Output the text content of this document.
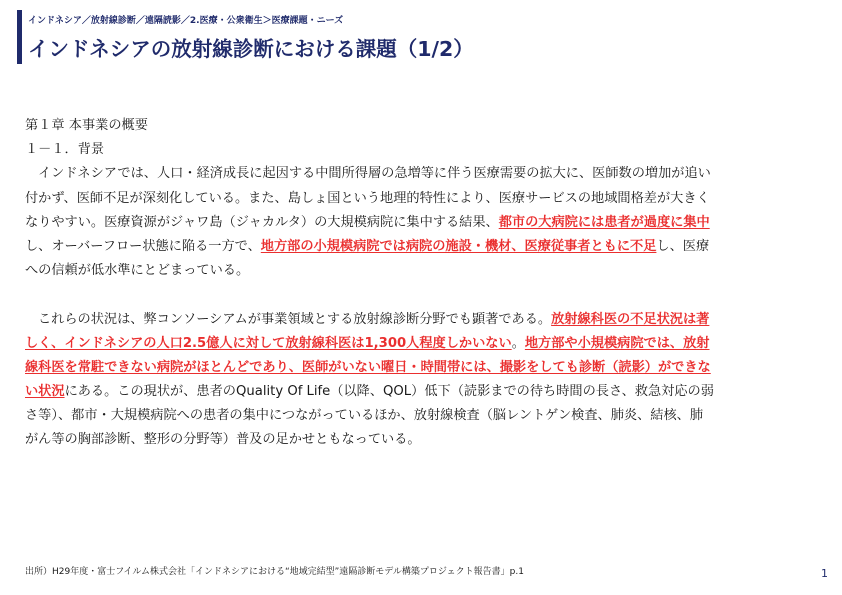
インドネシア／放射線診断／遠隔読影／2.医療・公衆衛生＞医療課題・ニーズ
インドネシアの放射線診断における課題（1/2）
第１章 本事業の概要
１－１．背景
インドネシアでは、人口・経済成長に起因する中間所得層の急増等に伴う医療需要の拡大に、医師数の増加が追い
付かず、医師不足が深刻化している。また、島しょ国という地理的特性により、医療サービスの地域間格差が大きく
なりやすい。医療資源がジャワ島（ジャカルタ）の大規模病院に集中する結果、都市の大病院には患者が過度に集中
し、オーバーフロー状態に陥る一方で、地方部の小規模病院では病院の施設・機材、医療従事者ともに不足し、医療
への信頼が低水準にとどまっている。
これらの状況は、弊コンソーシアムが事業領域とする放射線診断分野でも顕著である。放射線科医の不足状況は著
しく、インドネシアの人口2.5億人に対して放射線科医は1,300人程度しかいない。地方部や小規模病院では、放射
線科医を常駐できない病院がほとんどであり、医師がいない曜日・時間帯には、撮影をしても診断（読影）ができな
い状況にある。この現状が、患者のQuality Of Life（以降、QOL）低下（読影までの待ち時間の長さ、救急対応の弱
さ等）、都市・大規模病院への患者の集中につながっているほか、放射線検査（脳レントゲン検査、肺炎、結核、肺
がん等の胸部診断、整形の分野等）普及の足かせともなっている。
出所）H29年度・富士フイルム株式会社「インドネシアにおける“地域完結型”遠隔診断モデル構築プロジェクト報告書」p.1	1
